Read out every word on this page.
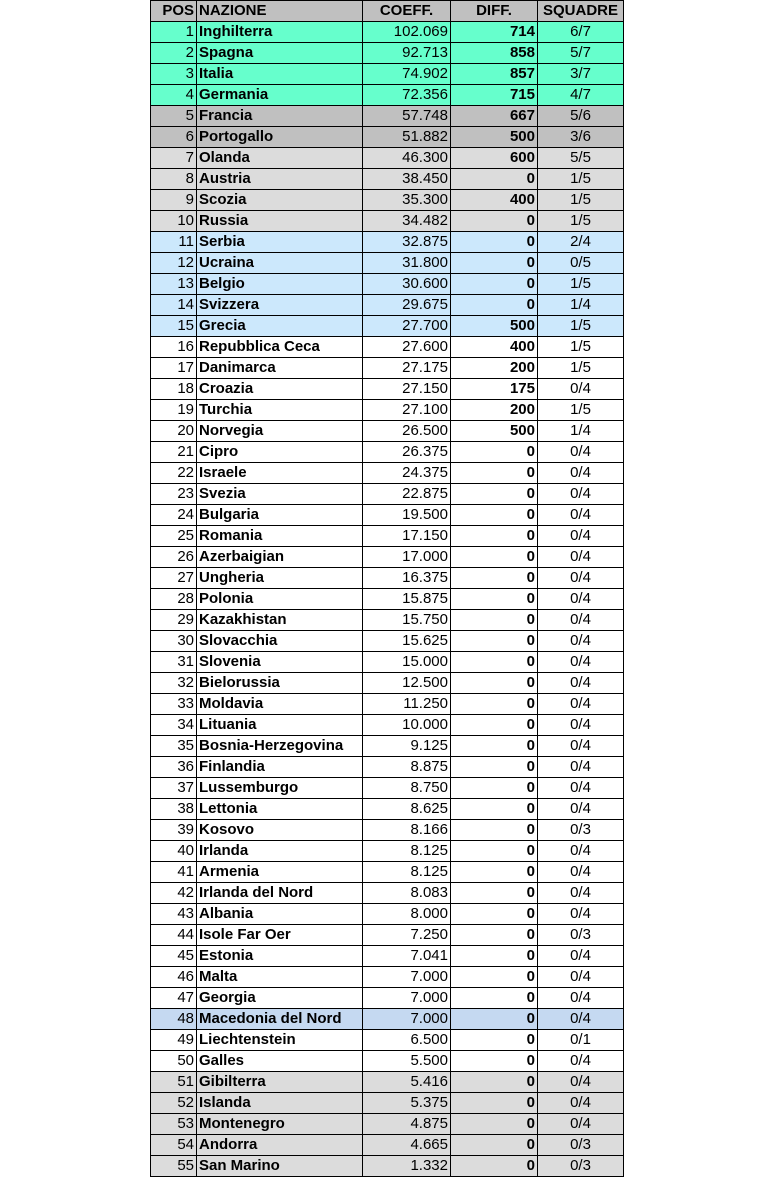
POS	NAZIONE	COEFF.	DIFF.	SQUADRE
1	Inghilterra	102.069	714	6/7
2	Spagna	92.713	858	5/7
3	Italia	74.902	857	3/7
4	Germania	72.356	715	4/7
5	Francia	57.748	667	5/6
6	Portogallo	51.882	500	3/6
7	Olanda	46.300	600	5/5
8	Austria	38.450	0	1/5
9	Scozia	35.300	400	1/5
10	Russia	34.482	0	1/5
11	Serbia	32.875	0	2/4
12	Ucraina	31.800	0	0/5
13	Belgio	30.600	0	1/5
14	Svizzera	29.675	0	1/4
15	Grecia	27.700	500	1/5
16	Repubblica Ceca	27.600	400	1/5
17	Danimarca	27.175	200	1/5
18	Croazia	27.150	175	0/4
19	Turchia	27.100	200	1/5
20	Norvegia	26.500	500	1/4
21	Cipro	26.375	0	0/4
22	Israele	24.375	0	0/4
23	Svezia	22.875	0	0/4
24	Bulgaria	19.500	0	0/4
25	Romania	17.150	0	0/4
26	Azerbaigian	17.000	0	0/4
27	Ungheria	16.375	0	0/4
28	Polonia	15.875	0	0/4
29	Kazakhistan	15.750	0	0/4
30	Slovacchia	15.625	0	0/4
31	Slovenia	15.000	0	0/4
32	Bielorussia	12.500	0	0/4
33	Moldavia	11.250	0	0/4
34	Lituania	10.000	0	0/4
35	Bosnia-Herzegovina	9.125	0	0/4
36	Finlandia	8.875	0	0/4
37	Lussemburgo	8.750	0	0/4
38	Lettonia	8.625	0	0/4
39	Kosovo	8.166	0	0/3
40	Irlanda	8.125	0	0/4
41	Armenia	8.125	0	0/4
42	Irlanda del Nord	8.083	0	0/4
43	Albania	8.000	0	0/4
44	Isole Far Oer	7.250	0	0/3
45	Estonia	7.041	0	0/4
46	Malta	7.000	0	0/4
47	Georgia	7.000	0	0/4
48	Macedonia del Nord	7.000	0	0/4
49	Liechtenstein	6.500	0	0/1
50	Galles	5.500	0	0/4
51	Gibilterra	5.416	0	0/4
52	Islanda	5.375	0	0/4
53	Montenegro	4.875	0	0/4
54	Andorra	4.665	0	0/3
55	San Marino	1.332	0	0/3
